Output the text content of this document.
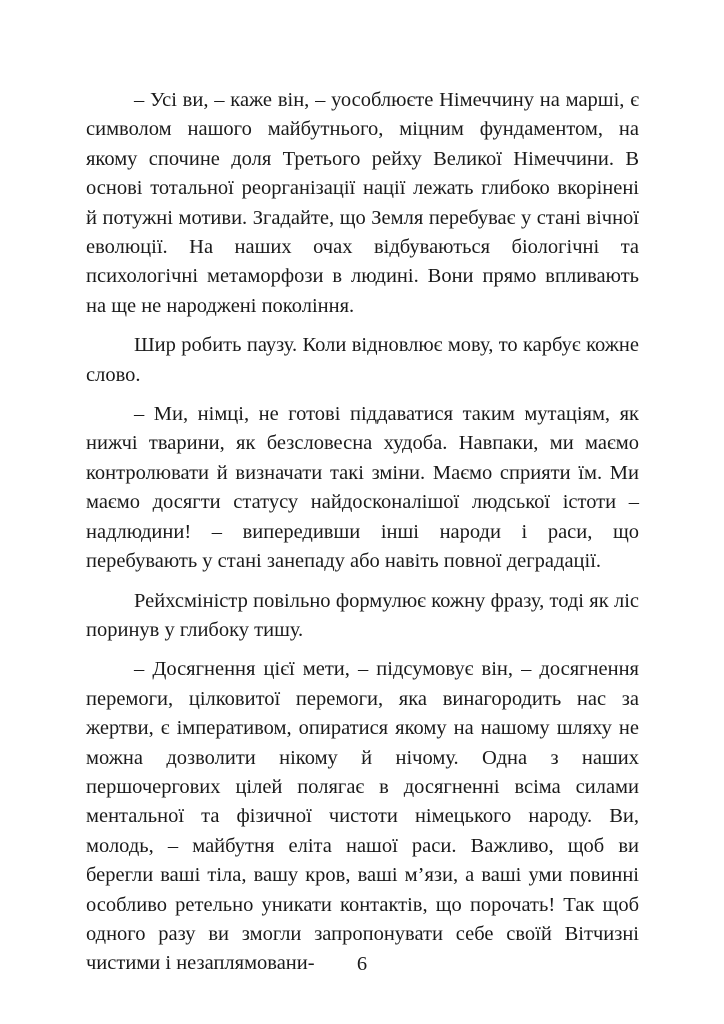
– Усі ви, – каже він, – уособлюєте Німеччину на марші, є символом нашого майбутнього, міцним фундаментом, на якому спочине доля Третього рейху Великої Німеччини. В основі тотальної реорганізації нації лежать глибоко вкорінені й потужні мотиви. Згадайте, що Земля перебуває у стані вічної еволюції. На наших очах відбуваються біологічні та психологічні метаморфози в людині. Вони прямо впливають на ще не народжені покоління.

Шир робить паузу. Коли відновлює мову, то карбує кожне слово.

– Ми, німці, не готові піддаватися таким мутаціям, як нижчі тварини, як безсловесна худоба. Навпаки, ми маємо контролювати й визначати такі зміни. Маємо сприяти їм. Ми маємо досягти статусу найдосконалішої людської істоти – надлюдини! – випередивши інші народи і раси, що перебувають у стані занепаду або навіть повної деградації.

Рейхсміністр повільно формулює кожну фразу, тоді як ліс поринув у глибоку тишу.

– Досягнення цієї мети, – підсумовує він, – досягнення перемоги, цілковитої перемоги, яка винагородить нас за жертви, є імперативом, опиратися якому на нашому шляху не можна дозволити нікому й нічому. Одна з наших першочергових цілей полягає в досягненні всіма силами ментальної та фізичної чистоти німецького народу. Ви, молодь, – майбутня еліта нашої раси. Важливо, щоб ви берегли ваші тіла, вашу кров, ваші м’язи, а ваші уми повинні особливо ретельно уникати контактів, що порочать! Так щоб одного разу ви змогли запропонувати себе своїй Вітчизні чистими і незаплямовани-	6
